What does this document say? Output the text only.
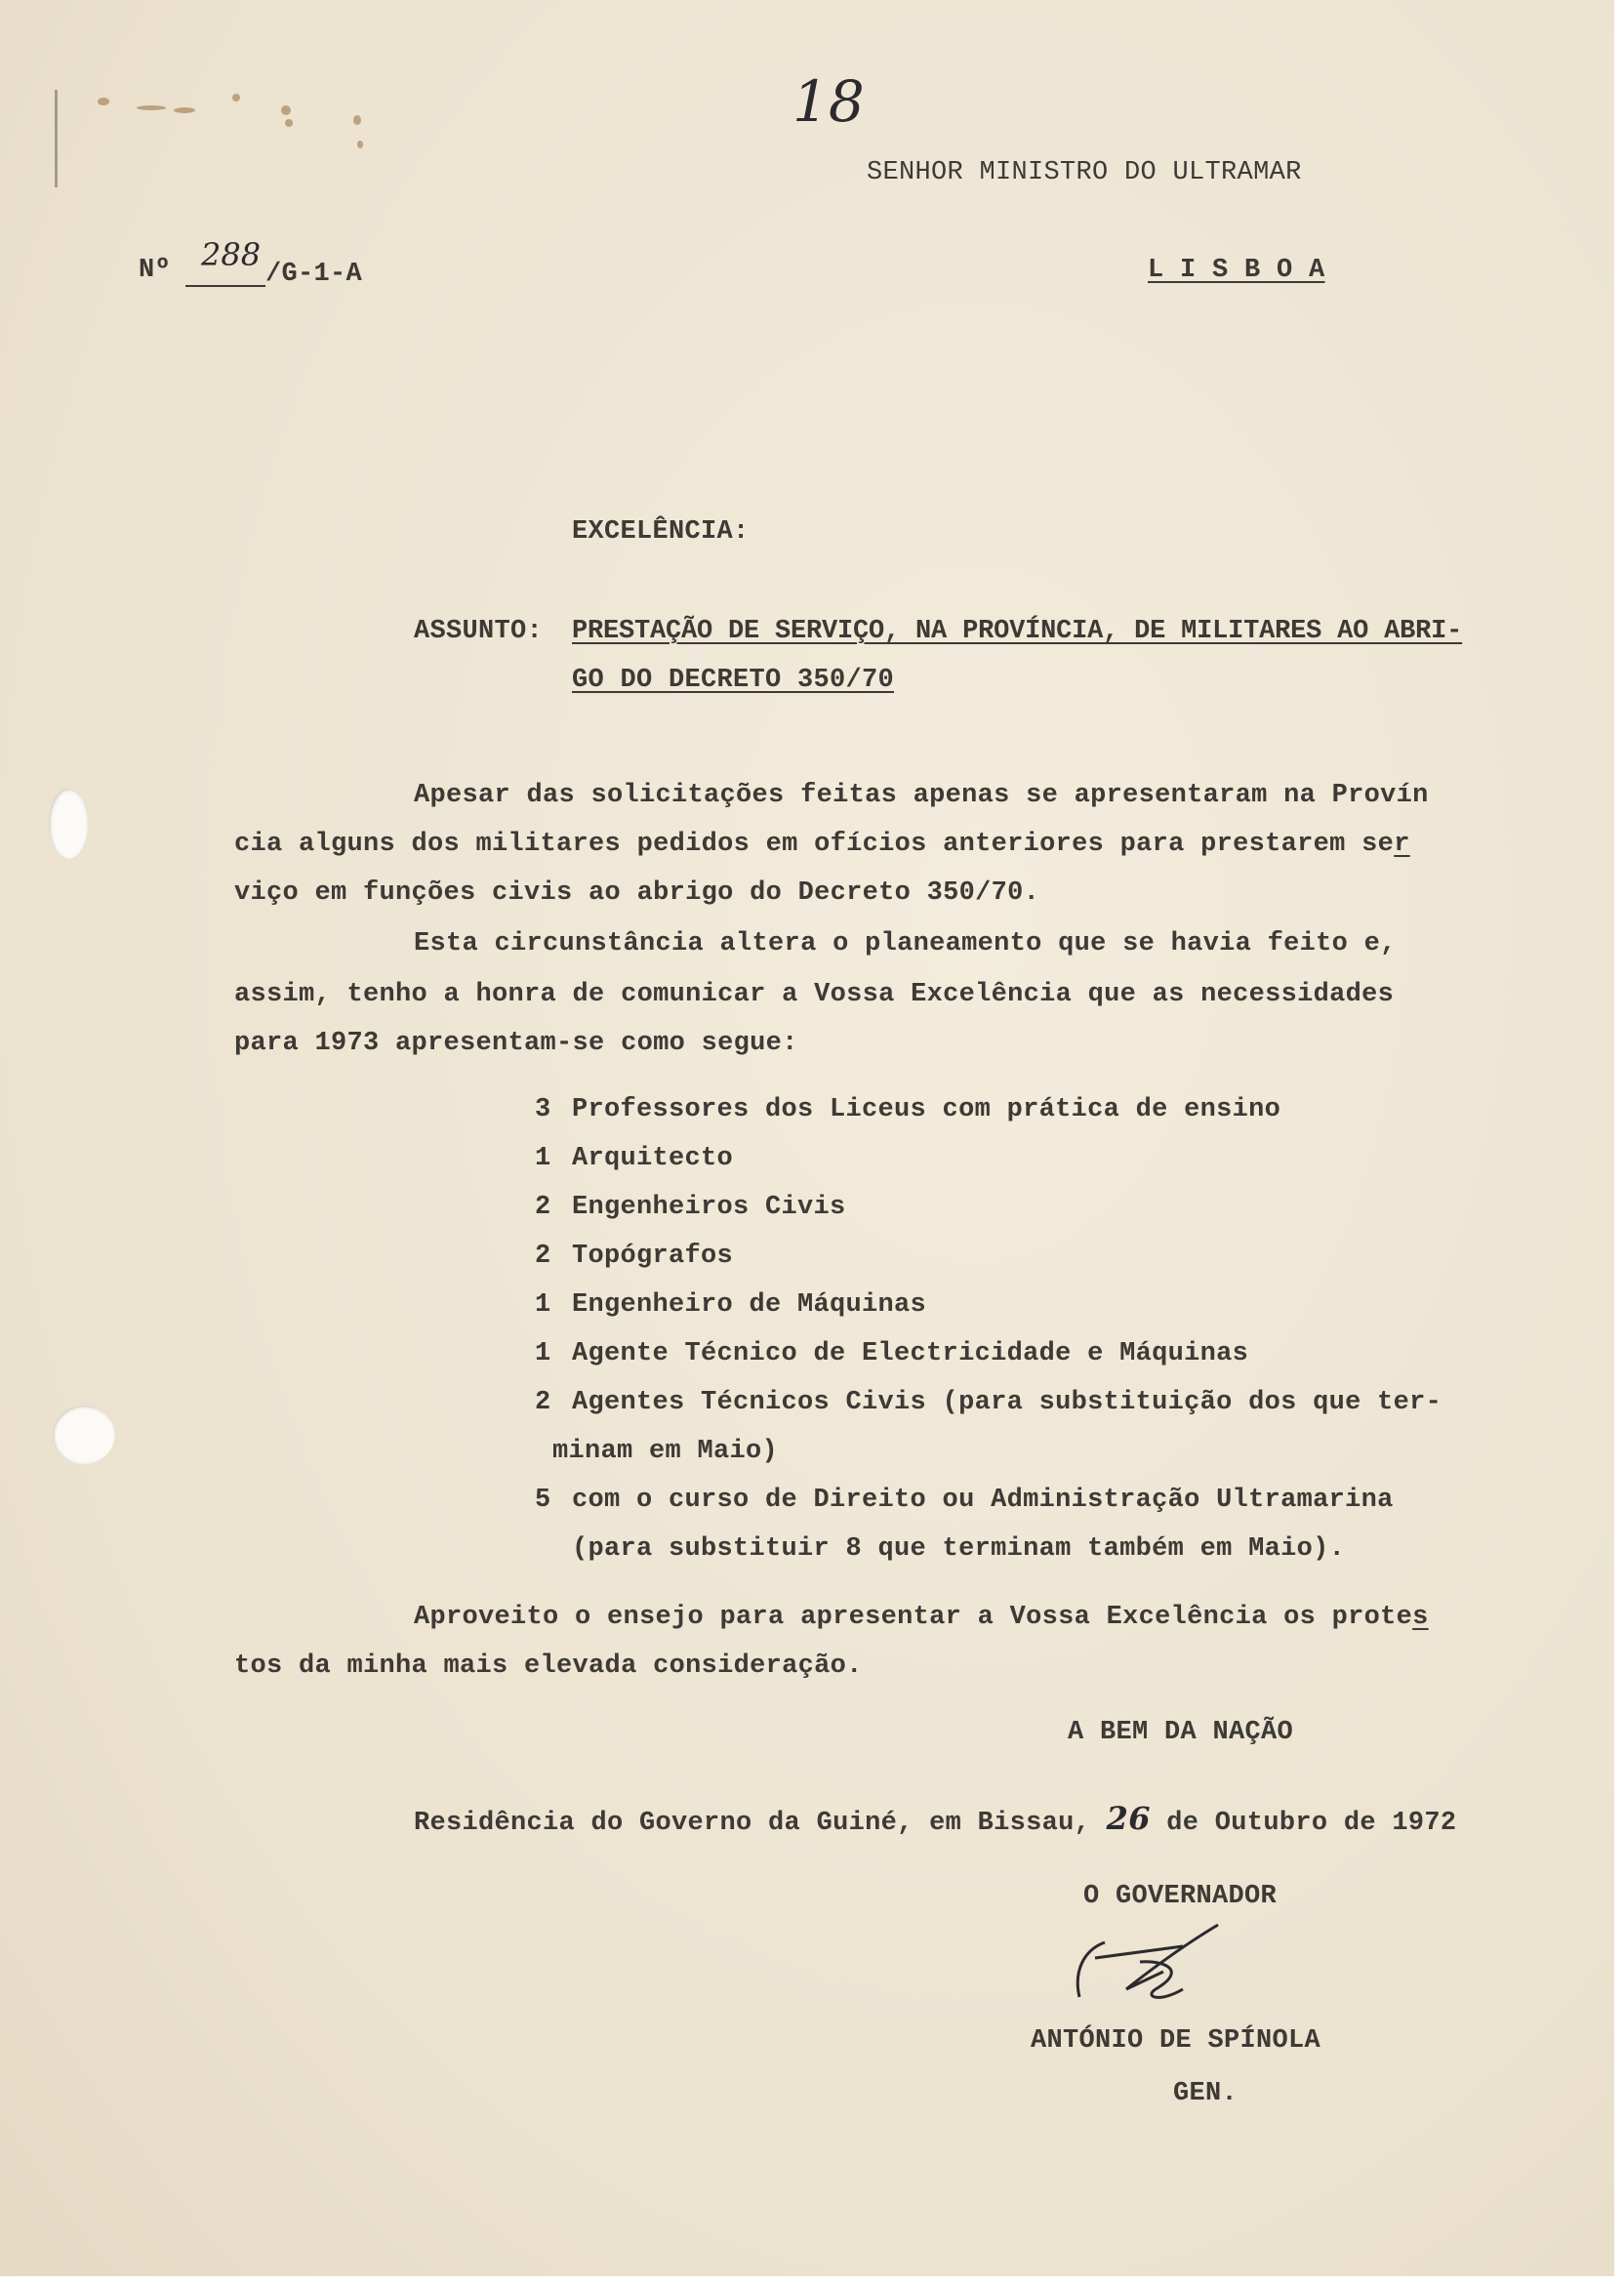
18
SENHOR MINISTRO DO ULTRAMAR
L I S B O A
Nº 288
/G-1-A
EXCELÊNCIA:
ASSUNTO: PRESTAÇÃO DE SERVIÇO, NA PROVÍNCIA, DE MILITARES AO ABRI-
GO DO DECRETO 350/70
Apesar das solicitações feitas apenas se apresentaram na Provín
cia alguns dos militares pedidos em ofícios anteriores para prestarem ser
viço em funções civis ao abrigo do Decreto 350/70.
Esta circunstância altera o planeamento que se havia feito e,
assim, tenho a honra de comunicar a Vossa Excelência que as necessidades
para 1973 apresentam-se como segue:
3 Professores dos Liceus com prática de ensino
1 Arquitecto
2 Engenheiros Civis
2 Topógrafos
1 Engenheiro de Máquinas
1 Agente Técnico de Electricidade e Máquinas
2 Agentes Técnicos Civis (para substituição dos que ter-
minam em Maio)
5 com o curso de Direito ou Administração Ultramarina
(para substituir 8 que terminam também em Maio).
Aproveito o ensejo para apresentar a Vossa Excelência os protes
tos da minha mais elevada consideração.
A BEM DA NAÇÃO
Residência do Governo da Guiné, em Bissau, 26 de Outubro de 1972
O GOVERNADOR
ANTÓNIO DE SPÍNOLA
GEN.
